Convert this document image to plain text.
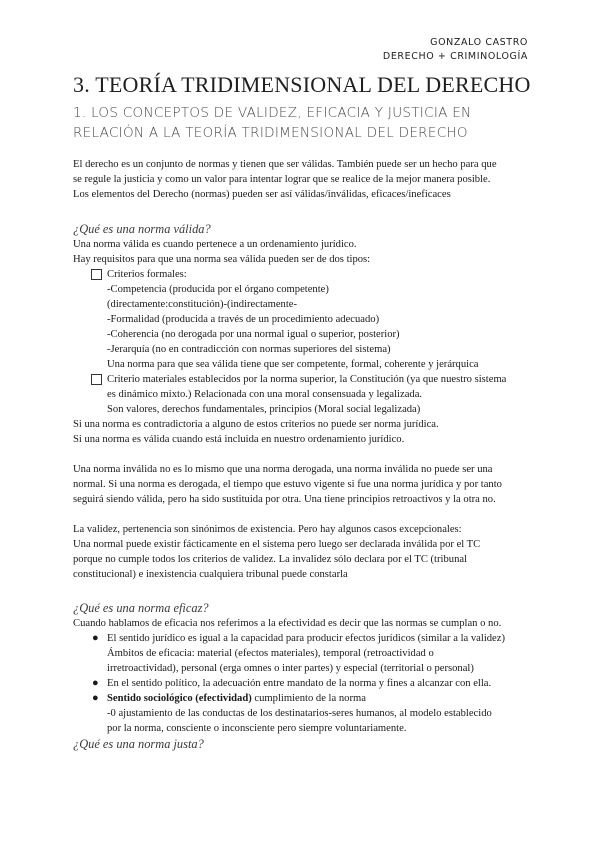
GONZALO CASTRO
DERECHO + CRIMINOLOGÍA
3. TEORÍA TRIDIMENSIONAL DEL DERECHO
1. LOS CONCEPTOS DE VALIDEZ, EFICACIA Y JUSTICIA EN
RELACIÓN A LA TEORÍA TRIDIMENSIONAL DEL DERECHO
El derecho es un conjunto de normas y tienen que ser válidas. También puede ser un hecho para que
se regule la justicia y como un valor para intentar lograr que se realice de la mejor manera posible.
Los elementos del Derecho (normas) pueden ser así válidas/inválidas, eficaces/ineficaces
¿Qué es una norma válida?
Una norma válida es cuando pertenece a un ordenamiento jurídico.
Hay requisitos para que una norma sea válida pueden ser de dos tipos:
Criterios formales:
-Competencia (producida por el órgano competente)
(directamente:constitución)-(indirectamente-
-Formalidad (producida a través de un procedimiento adecuado)
-Coherencia (no derogada por una normal igual o superior, posterior)
-Jerarquía (no en contradicción con normas superiores del sistema)
Una norma para que sea válida tiene que ser competente, formal, coherente y jerárquica
Criterio materiales establecidos por la norma superior, la Constitución (ya que nuestro sistema
es dinámico mixto.) Relacionada con una moral consensuada y legalizada.
Son valores, derechos fundamentales, principios (Moral social legalizada)
Si una norma es contradictoria a alguno de estos criterios no puede ser norma jurídica.
Si una norma es válida cuando está incluida en nuestro ordenamiento jurídico.
Una norma inválida no es lo mismo que una norma derogada, una norma inválida no puede ser una
normal. Si una norma es derogada, el tiempo que estuvo vigente si fue una norma jurídica y por tanto
seguirá siendo válida, pero ha sido sustituida por otra. Una tiene principios retroactivos y la otra no.
La validez, pertenencia son sinónimos de existencia. Pero hay algunos casos excepcionales:
Una normal puede existir fácticamente en el sistema pero luego ser declarada inválida por el TC
porque no cumple todos los criterios de validez. La invalidez sólo declara por el TC (tribunal
constitucional) e inexistencia cualquiera tribunal puede constarla
¿Qué es una norma eficaz?
Cuando hablamos de eficacia nos referimos a la efectividad es decir que las normas se cumplan o no.
● El sentido jurídico es igual a la capacidad para producir efectos jurídicos (similar a la validez)
Ámbitos de eficacia: material (efectos materiales), temporal (retroactividad o
irretroactividad), personal (erga omnes o inter partes) y especial (territorial o personal)
● En el sentido político, la adecuación entre mandato de la norma y fines a alcanzar con ella.
● Sentido sociológico (efectividad) cumplimiento de la norma
-0 ajustamiento de las conductas de los destinatarios-seres humanos, al modelo establecido
por la norma, consciente o inconsciente pero siempre voluntariamente.
¿Qué es una norma justa?
